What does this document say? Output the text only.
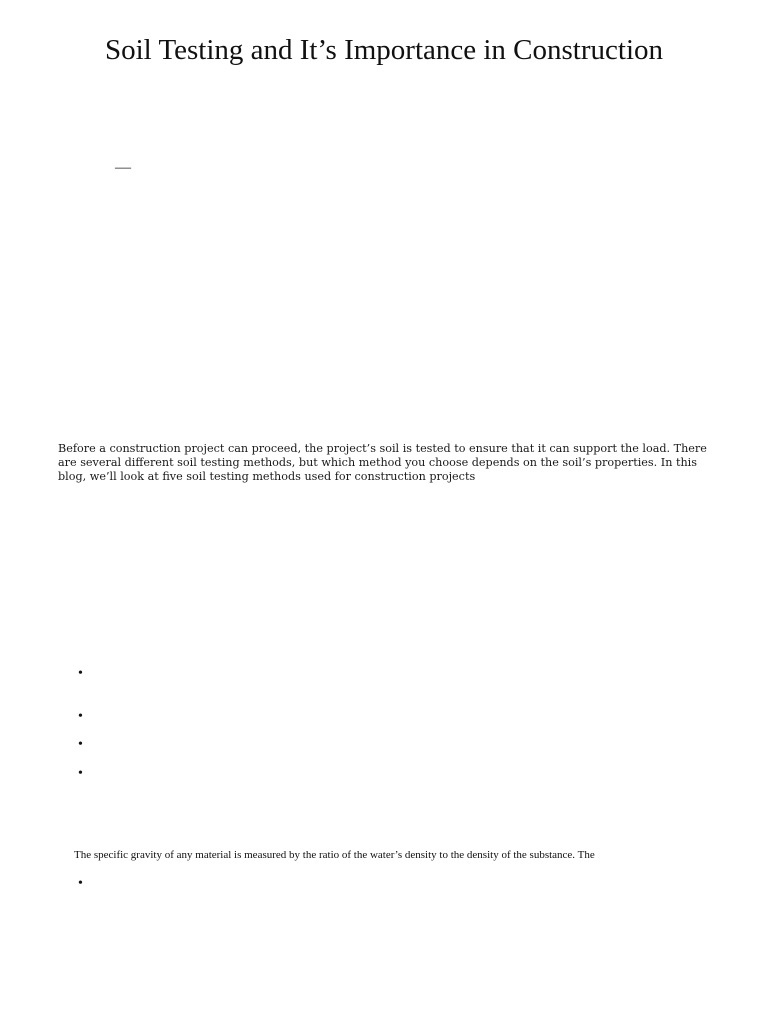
Soil Testing and It’s Importance in Construction
—

Before a construction project can proceed, the project’s soil is tested to ensure that it can support the load. There are several different soil testing methods, but which method you choose depends on the soil’s properties. In this blog, we’ll look at five soil testing methods used for construction projects

•
•
•
•

The specific gravity of any material is measured by the ratio of the water’s density to the density of the substance. The

•
